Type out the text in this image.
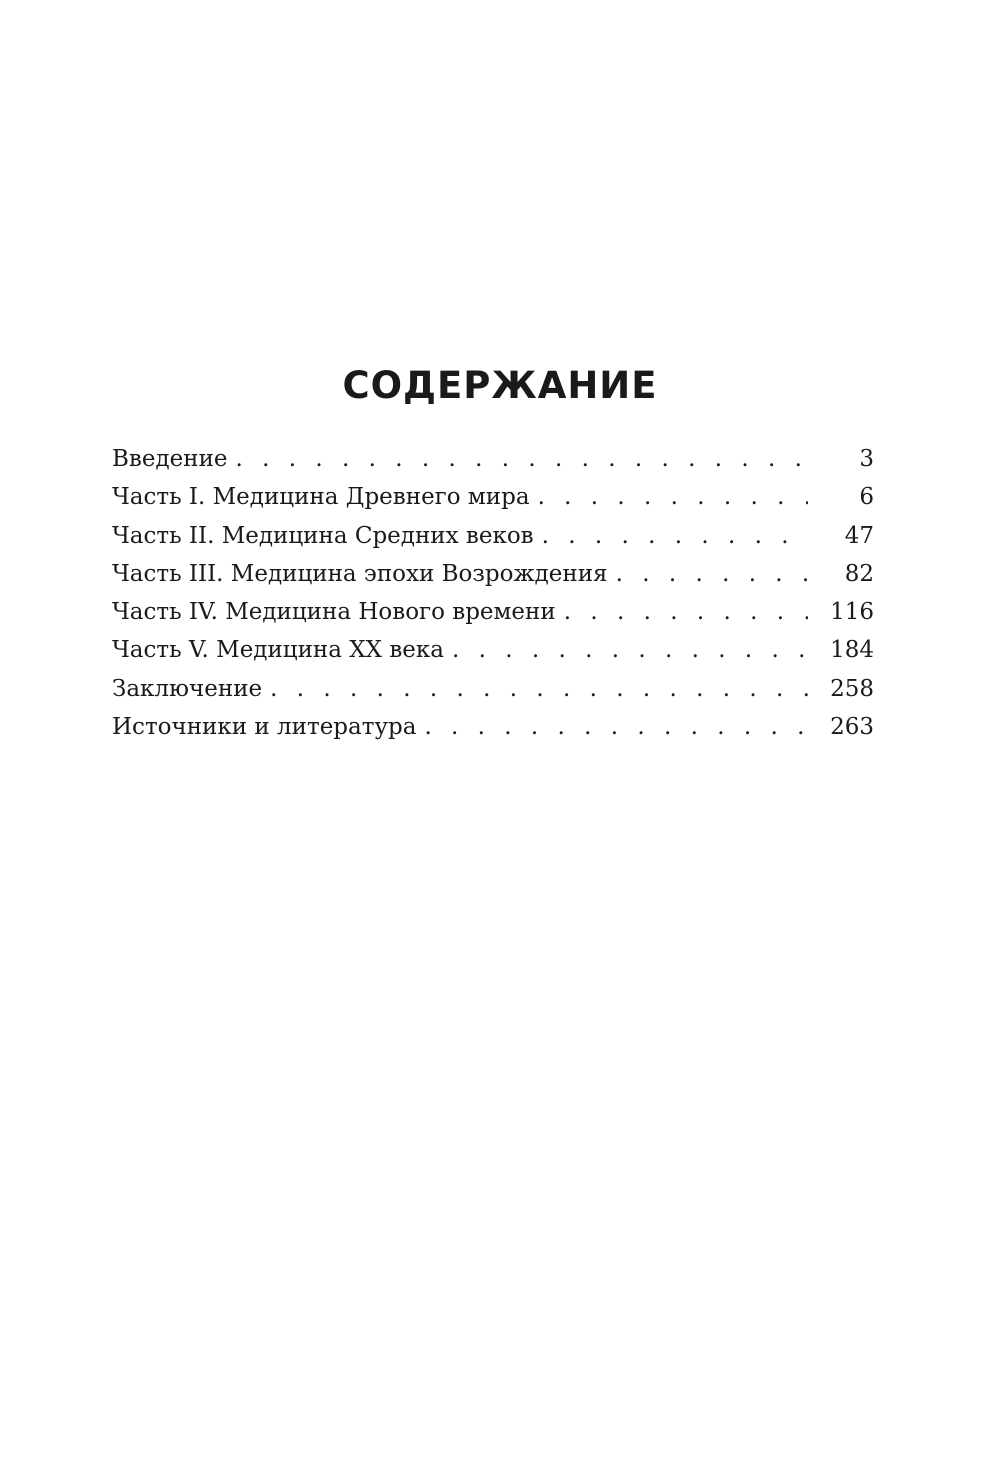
СОДЕРЖАНИЕ
Введение . . .	3
Часть I. Медицина Древнего мира . . .	6
Часть II. Медицина Средних веков . . .	47
Часть III. Медицина эпохи Возрождения . . .	82
Часть IV. Медицина Нового времени . . .	116
Часть V. Медицина XX века . . .	184
Заключение . . .	258
Источники и литература . . .	263
